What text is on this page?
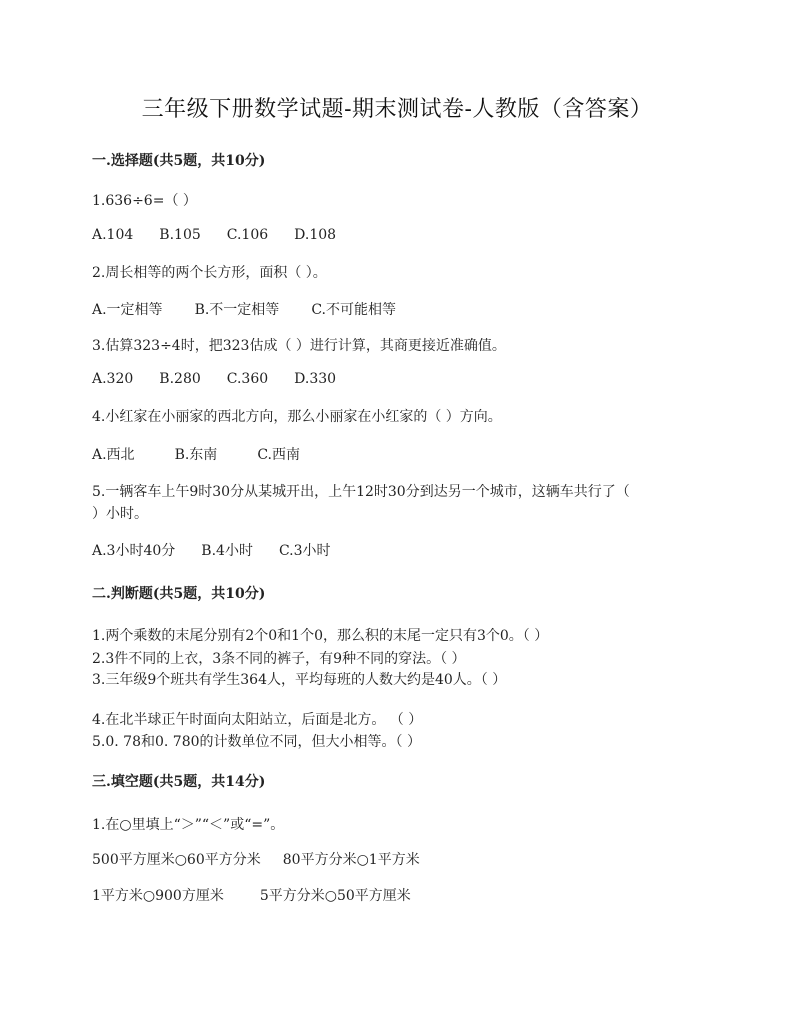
三年级下册数学试题-期末测试卷-人教版（含答案）
一.选择题(共5题，共10分)
1.636÷6=（ ）
A.104 B.105 C.106 D.108
2.周长相等的两个长方形，面积（ ）。
A.一定相等 B.不一定相等 C.不可能相等
3.估算323÷4时，把323估成（ ）进行计算，其商更接近准确值。
A.320 B.280 C.360 D.330
4.小红家在小丽家的西北方向，那么小丽家在小红家的（ ）方向。
A.西北	B.东南	C.西南
5.一辆客车上午9时30分从某城开出，上午12时30分到达另一个城市，这辆车共行了（
）小时。
A.3小时40分 B.4小时 C.3小时
二.判断题(共5题，共10分)
1.两个乘数的末尾分别有2个0和1个0，那么积的末尾一定只有3个0。（ ）
2.3件不同的上衣，3条不同的裤子，有9种不同的穿法。（ ）
3.三年级9个班共有学生364人，平均每班的人数大约是40人。（ ）
4.在北半球正午时面向太阳站立，后面是北方。 （ ）
5.0. 78和0. 780的计数单位不同，但大小相等。（ ）
三.填空题(共5题，共14分)
1.在○里填上“＞”“＜”或“=”。
500平方厘米○60平方分米 80平方分米○1平方米
1平方米○900方厘米	5平方分米○50平方厘米
